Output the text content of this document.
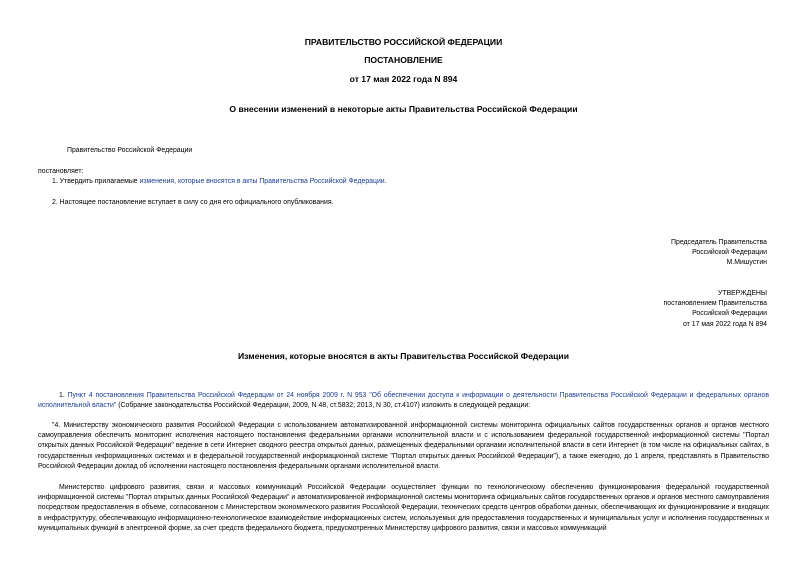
ПРАВИТЕЛЬСТВО РОССИЙСКОЙ ФЕДЕРАЦИИ
ПОСТАНОВЛЕНИЕ
от 17 мая 2022 года N 894
О внесении изменений в некоторые акты Правительства Российской Федерации
Правительство Российской Федерации
постановляет:
1. Утвердить прилагаемые изменения, которые вносятся в акты Правительства Российской Федерации.
2. Настоящее постановление вступает в силу со дня его официального опубликования.
Председатель Правительства
Российской Федерации
М.Мишустин
УТВЕРЖДЕНЫ
постановлением Правительства
Российской Федерации
от 17 мая 2022 года N 894
Изменения, которые вносятся в акты Правительства Российской Федерации
1. Пункт 4 постановления Правительства Российской Федерации от 24 ноября 2009 г. N 953 "Об обеспечении доступа к информации о деятельности Правительства Российской Федерации и федеральных органов исполнительной власти" (Собрание законодательства Российской Федерации, 2009, N 48, ст.5832; 2013, N 30, ст.4107) изложить в следующей редакции:
"4. Министерству экономического развития Российской Федерации с использованием автоматизированной информационной системы мониторинга официальных сайтов государственных органов и органов местного самоуправления обеспечить мониторинг исполнения настоящего постановления федеральными органами исполнительной власти и с использованием федеральной государственной информационной системы "Портал открытых данных Российской Федерации" ведение в сети Интернет сводного реестра открытых данных, размещенных федеральными органами исполнительной власти в сети Интернет (в том числе на официальных сайтах, в государственных информационных системах и в федеральной государственной информационной системе "Портал открытых данных Российской Федерации"), а также ежегодно, до 1 апреля, представлять в Правительство Российской Федерации доклад об исполнении настоящего постановления федеральными органами исполнительной власти.
Министерство цифрового развития, связи и массовых коммуникаций Российской Федерации осуществляет функции по технологическому обеспечению функционирования федеральной государственной информационной системы "Портал открытых данных Российской Федерации" и автоматизированной информационной системы мониторинга официальных сайтов государственных органов и органов местного самоуправления посредством предоставления в объеме, согласованном с Министерством экономического развития Российской Федерации, технических средств центров обработки данных, обеспечивающих их функционирование и входящих в инфраструктуру, обеспечивающую информационно-технологическое взаимодействие информационных систем, используемых для предоставления государственных и муниципальных услуг и исполнения государственных и муниципальных функций в электронной форме, за счет средств федерального бюджета, предусмотренных Министерству цифрового развития, связи и массовых коммуникаций
